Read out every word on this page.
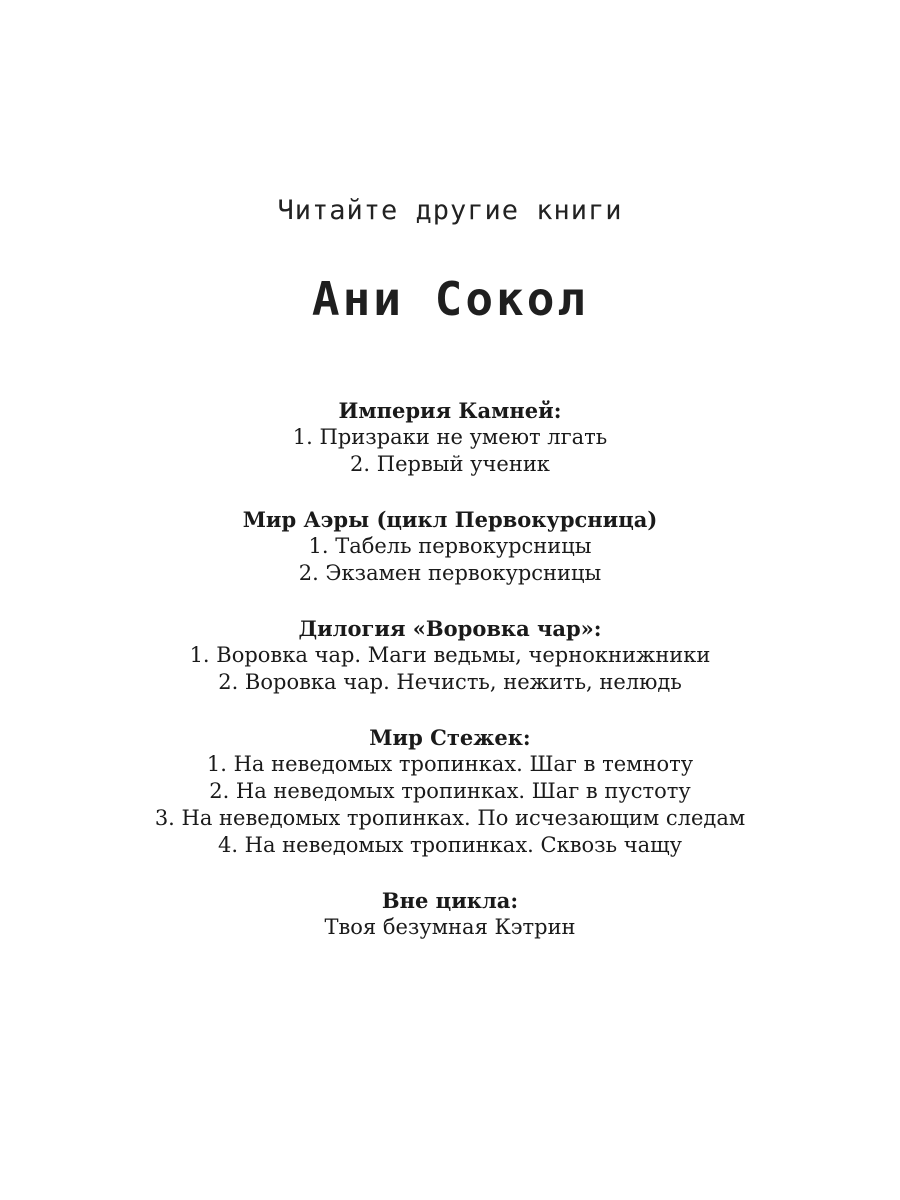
Читайте другие книги
Ани Сокол
Империя Камней:
1. Призраки не умеют лгать
2. Первый ученик
Мир Аэры (цикл Первокурсница)
1. Табель первокурсницы
2. Экзамен первокурсницы
Дилогия «Воровка чар»:
1. Воровка чар. Маги ведьмы, чернокнижники
2. Воровка чар. Нечисть, нежить, нелюдь
Мир Стежек:
1. На неведомых тропинках. Шаг в темноту
2. На неведомых тропинках. Шаг в пустоту
3. На неведомых тропинках. По исчезающим следам
4. На неведомых тропинках. Сквозь чащу
Вне цикла:
Твоя безумная Кэтрин
